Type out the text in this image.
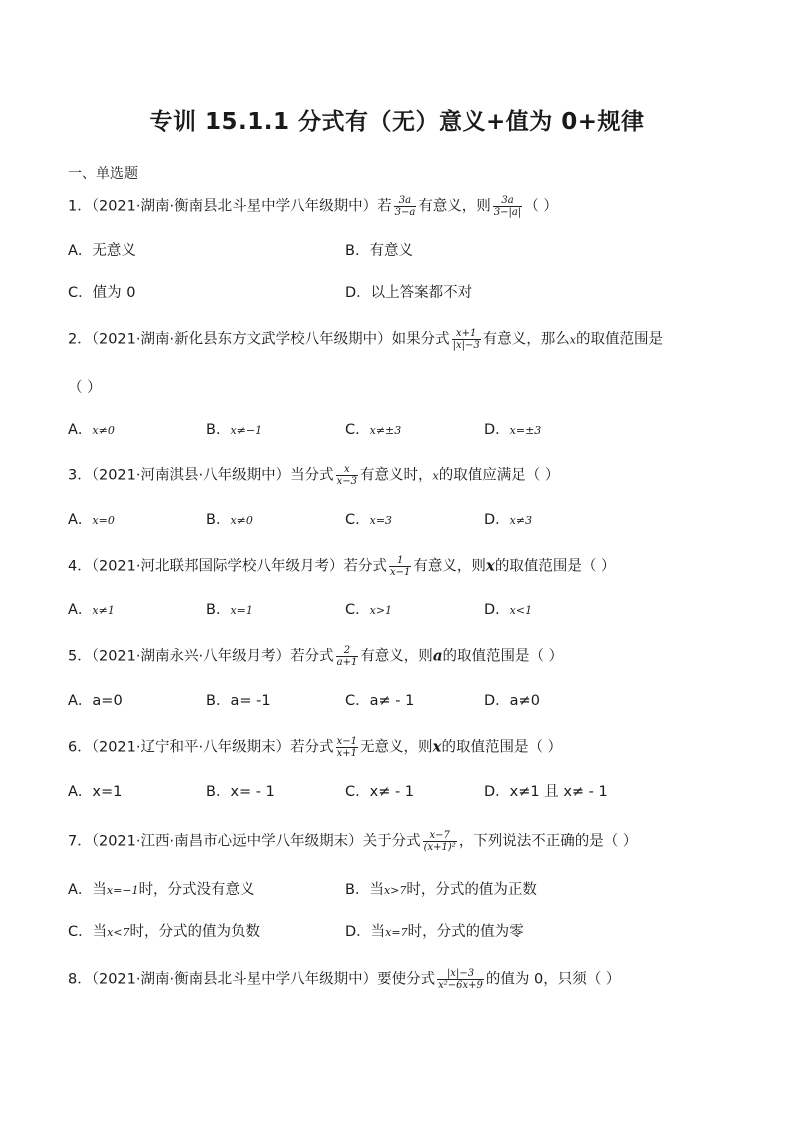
专训 15.1.1 分式有（无）意义+值为 0+规律
一、单选题
1．（2021·湖南·衡南县北斗星中学八年级期中）若 $\frac{3a}{3-a}$ 有意义，则 $\frac{3a}{3-|a|}$ （ ）
A．无意义	B．有意义
C．值为 0	D．以上答案都不对
2．（2021·湖南·新化县东方文武学校八年级期中）如果分式 $\frac{x+1}{|x|-3}$ 有意义，那么x的取值范围是
（ ）
A．x≠0	B．x≠−1	C．x≠±3	D．x=±3
3．（2021·河南淇县·八年级期中）当分式 $\frac{x}{x-3}$ 有意义时，x的取值应满足（ ）
A．x=0	B．x≠0	C．x=3	D．x≠3
4．（2021·河北联邦国际学校八年级月考）若分式 $\frac{1}{x-1}$ 有意义，则x的取值范围是（ ）
A．x≠1	B．x=1	C．x>1	D．x<1
5．（2021·湖南永兴·八年级月考）若分式 $\frac{2}{a+1}$ 有意义，则a的取值范围是（ ）
A．a=0	B．a= -1	C．a≠ - 1	D．a≠0
6．（2021·辽宁和平·八年级期末）若分式 $\frac{x-1}{x+1}$ 无意义，则x的取值范围是（ ）
A．x=1	B．x= - 1	C．x≠ - 1	D．x≠1 且 x≠ - 1
7．（2021·江西·南昌市心远中学八年级期末）关于分式 $\frac{x-7}{\text{(x+1)²}}$ ，下列说法不正确的是（ ）
A．当x=−1时，分式没有意义	B．当x>7时，分式的值为正数
C．当x<7时，分式的值为负数	D．当x=7时，分式的值为零
8．（2021·湖南·衡南县北斗星中学八年级期中）要使分式 $\frac{|x|-3}{\text{x²−6x+9}}$ 的值为 0，只须（ ）
